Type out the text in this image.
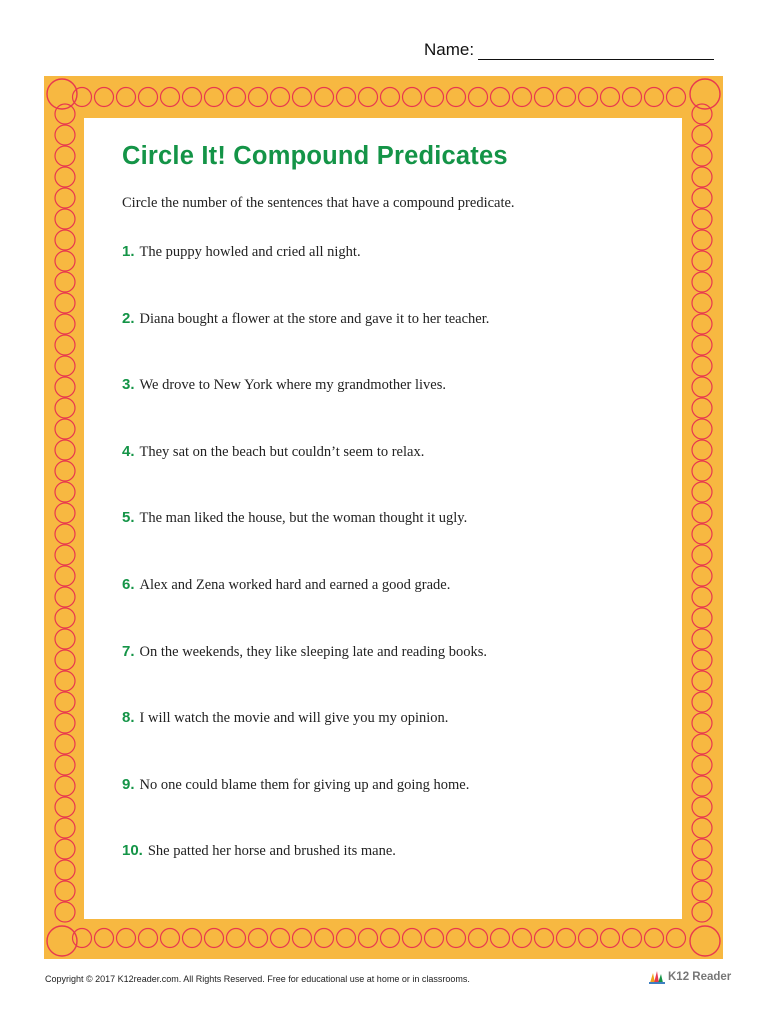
Name:
Circle It! Compound Predicates
Circle the number of the sentences that have a compound predicate.
1. The puppy howled and cried all night.
2. Diana bought a flower at the store and gave it to her teacher.
3. We drove to New York where my grandmother lives.
4. They sat on the beach but couldn’t seem to relax.
5. The man liked the house, but the woman thought it ugly.
6. Alex and Zena worked hard and earned a good grade.
7. On the weekends, they like sleeping late and reading books.
8. I will watch the movie and will give you my opinion.
9. No one could blame them for giving up and going home.
10. She patted her horse and brushed its mane.
Copyright © 2017 K12reader.com. All Rights Reserved. Free for educational use at home or in classrooms.	K12 Reader
